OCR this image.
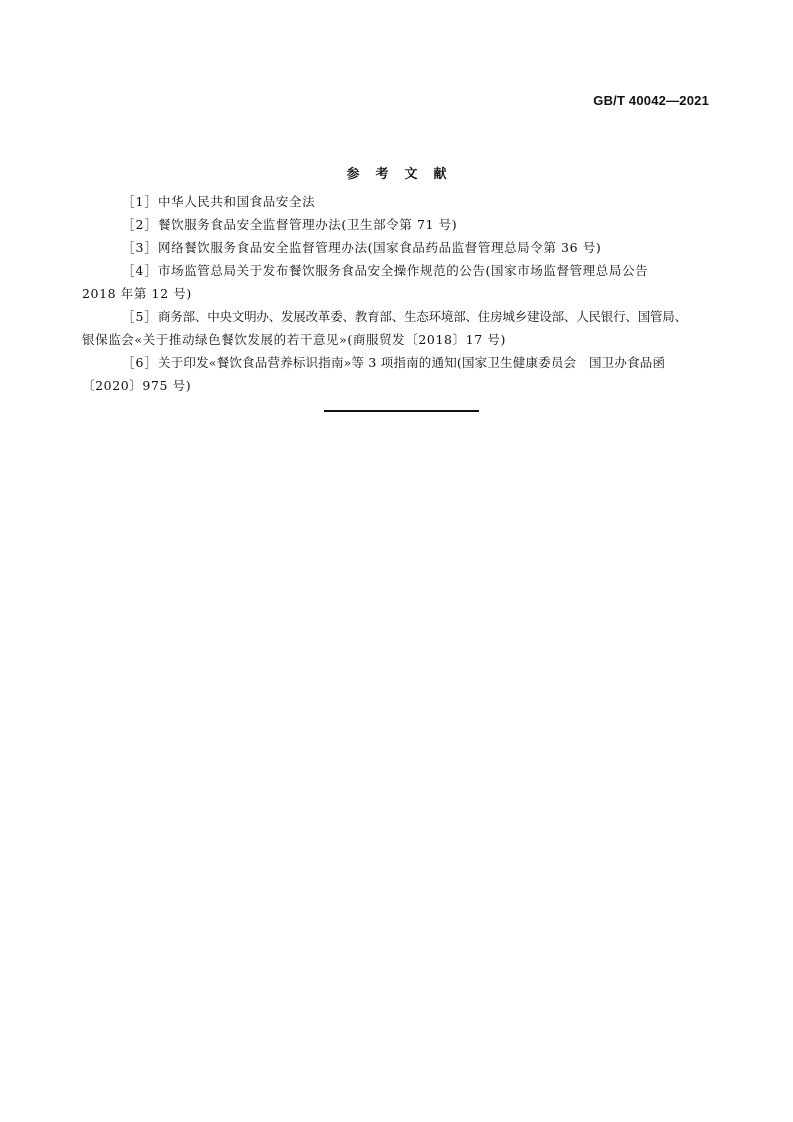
GB/T 40042—2021
参考文献
［1］中华人民共和国食品安全法
［2］餐饮服务食品安全监督管理办法(卫生部令第 71 号)
［3］网络餐饮服务食品安全监督管理办法(国家食品药品监督管理总局令第 36 号)
［4］市场监管总局关于发布餐饮服务食品安全操作规范的公告(国家市场监督管理总局公告
2018 年第 12 号)
［5］商务部、中央文明办、发展改革委、教育部、生态环境部、住房城乡建设部、人民银行、国管局、
银保监会«关于推动绿色餐饮发展的若干意见»(商服贸发〔2018〕17 号)
［6］关于印发«餐饮食品营养标识指南»等 3 项指南的通知(国家卫生健康委员会　国卫办食品函
〔2020〕975 号)
